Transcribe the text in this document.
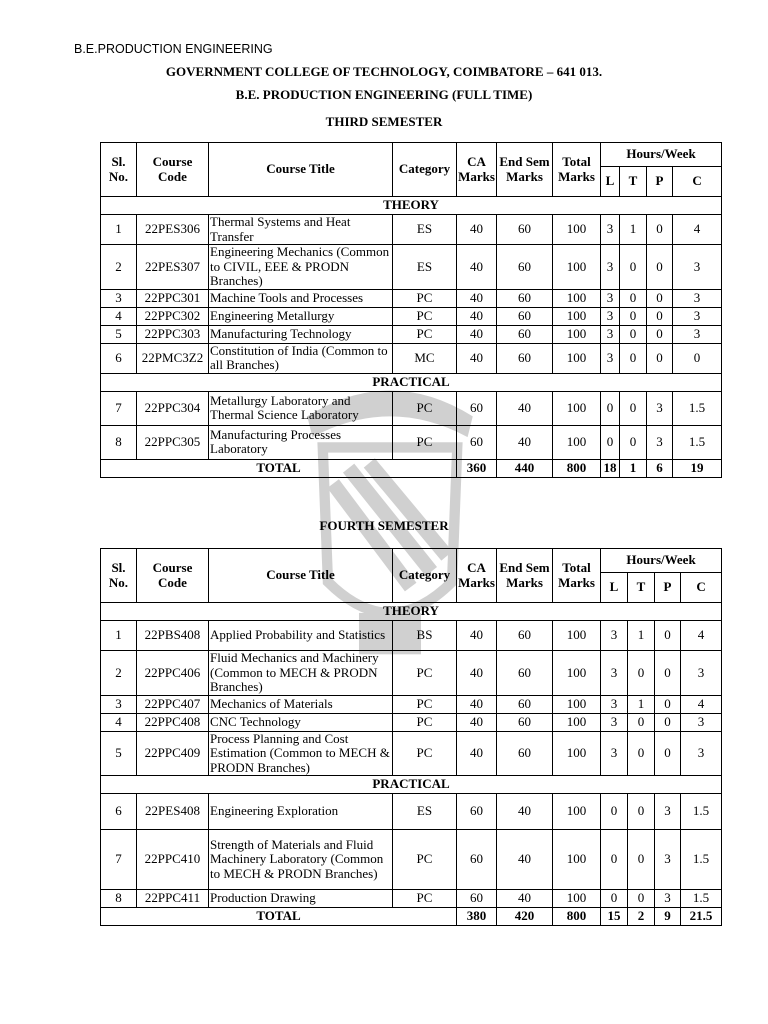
B.E.PRODUCTION ENGINEERING
GOVERNMENT COLLEGE OF TECHNOLOGY, COIMBATORE – 641 013.
B.E. PRODUCTION ENGINEERING (FULL TIME)
THIRD SEMESTER
FOURTH SEMESTER
Sl. No.	Course Code	Course Title	Category	CA Marks	End Sem Marks	Total Marks	Hours/Week			
							L	T	P	C
THEORY										
1	22PES306	Thermal Systems and Heat Transfer	ES	40	60	100	3	1	0	4
2	22PES307	Engineering Mechanics (Common to CIVIL, EEE & PRODN Branches)	ES	40	60	100	3	0	0	3
3	22PPC301	Machine Tools and Processes	PC	40	60	100	3	0	0	3
4	22PPC302	Engineering Metallurgy	PC	40	60	100	3	0	0	3
5	22PPC303	Manufacturing Technology	PC	40	60	100	3	0	0	3
6	22PMC3Z2	Constitution of India (Common to all Branches)	MC	40	60	100	3	0	0	0
PRACTICAL										
7	22PPC304	Metallurgy Laboratory and Thermal Science Laboratory	PC	60	40	100	0	0	3	1.5
8	22PPC305	Manufacturing Processes Laboratory	PC	60	40	100	0	0	3	1.5
TOTAL				360	440	800	18	1	6	19
Sl. No.	Course Code	Course Title	Category	CA Marks	End Sem Marks	Total Marks	Hours/Week			
							L	T	P	C
THEORY										
1	22PBS408	Applied Probability and Statistics	BS	40	60	100	3	1	0	4
2	22PPC406	Fluid Mechanics and Machinery (Common to MECH & PRODN Branches)	PC	40	60	100	3	0	0	3
3	22PPC407	Mechanics of Materials	PC	40	60	100	3	1	0	4
4	22PPC408	CNC Technology	PC	40	60	100	3	0	0	3
5	22PPC409	Process Planning and Cost Estimation (Common to MECH & PRODN Branches)	PC	40	60	100	3	0	0	3
PRACTICAL										
6	22PES408	Engineering Exploration	ES	60	40	100	0	0	3	1.5
7	22PPC410	Strength of Materials and Fluid Machinery Laboratory (Common to MECH & PRODN Branches)	PC	60	40	100	0	0	3	1.5
8	22PPC411	Production Drawing	PC	60	40	100	0	0	3	1.5
TOTAL				380	420	800	15	2	9	21.5
